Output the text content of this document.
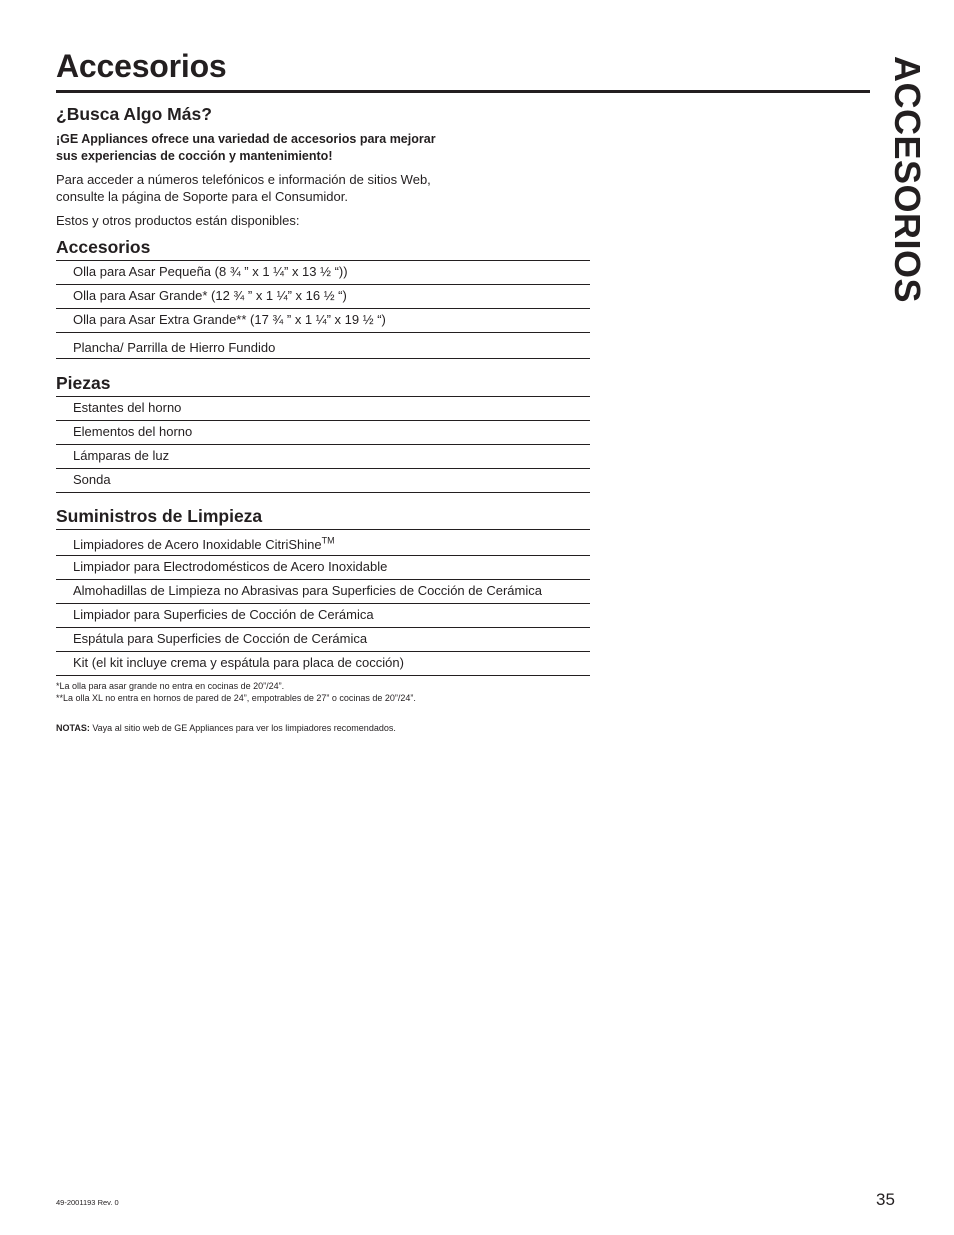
Accesorios	ACCESORIOS
¿Busca Algo Más?

¡GE Appliances ofrece una variedad de accesorios para mejorar sus experiencias de cocción y mantenimiento!

Para acceder a números telefónicos e información de sitios Web, consulte la página de Soporte para el Consumidor.

Estos y otros productos están disponibles:

Accesorios
Olla para Asar Pequeña (8 ¾ ” x 1 ¼” x 13 ½ “))
Olla para Asar Grande* (12 ¾ ” x 1 ¼” x 16 ½ “)
Olla para Asar Extra Grande** (17 ¾ ” x 1 ¼” x 19 ½ “)
Plancha/ Parrilla de Hierro Fundido
Piezas
Estantes del horno
Elementos del horno
Lámparas de luz
Sonda
Suministros de Limpieza
Limpiadores de Acero Inoxidable CitriShine™
Limpiador para Electrodomésticos de Acero Inoxidable
Almohadillas de Limpieza no Abrasivas para Superficies de Cocción de Cerámica
Limpiador para Superficies de Cocción de Cerámica
Espátula para Superficies de Cocción de Cerámica
Kit (el kit incluye crema y espátula para placa de cocción)

*La olla para asar grande no entra en cocinas de 20”/24”.

**La olla XL no entra en hornos de pared de 24”, empotrables de 27” o cocinas de 20”/24”.

NOTAS: Vaya al sitio web de GE Appliances para ver los limpiadores recomendados.

49-2001193 Rev. 0	35
